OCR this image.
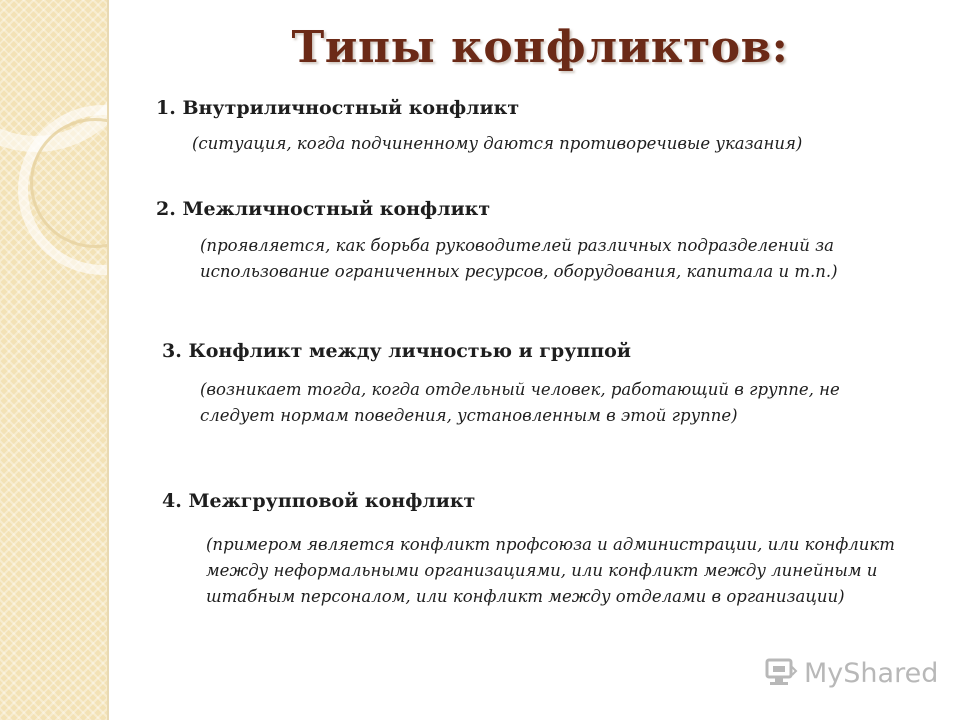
Типы конфликтов:
1. Внутриличностный конфликт
(ситуация, когда подчиненному даются противоречивые указания)
2. Межличностный конфликт
(проявляется, как борьба руководителей различных подразделений за использование ограниченных ресурсов, оборудования, капитала и т.п.)
3. Конфликт между личностью и группой
(возникает тогда, когда отдельный человек, работающий в группе, не следует нормам поведения, установленным в этой группе)
4. Межгрупповой конфликт
(примером является конфликт профсоюза и администрации, или конфликт между неформальными организациями, или конфликт между линейным и штабным персоналом, или конфликт между отделами в организации)
MyShared
